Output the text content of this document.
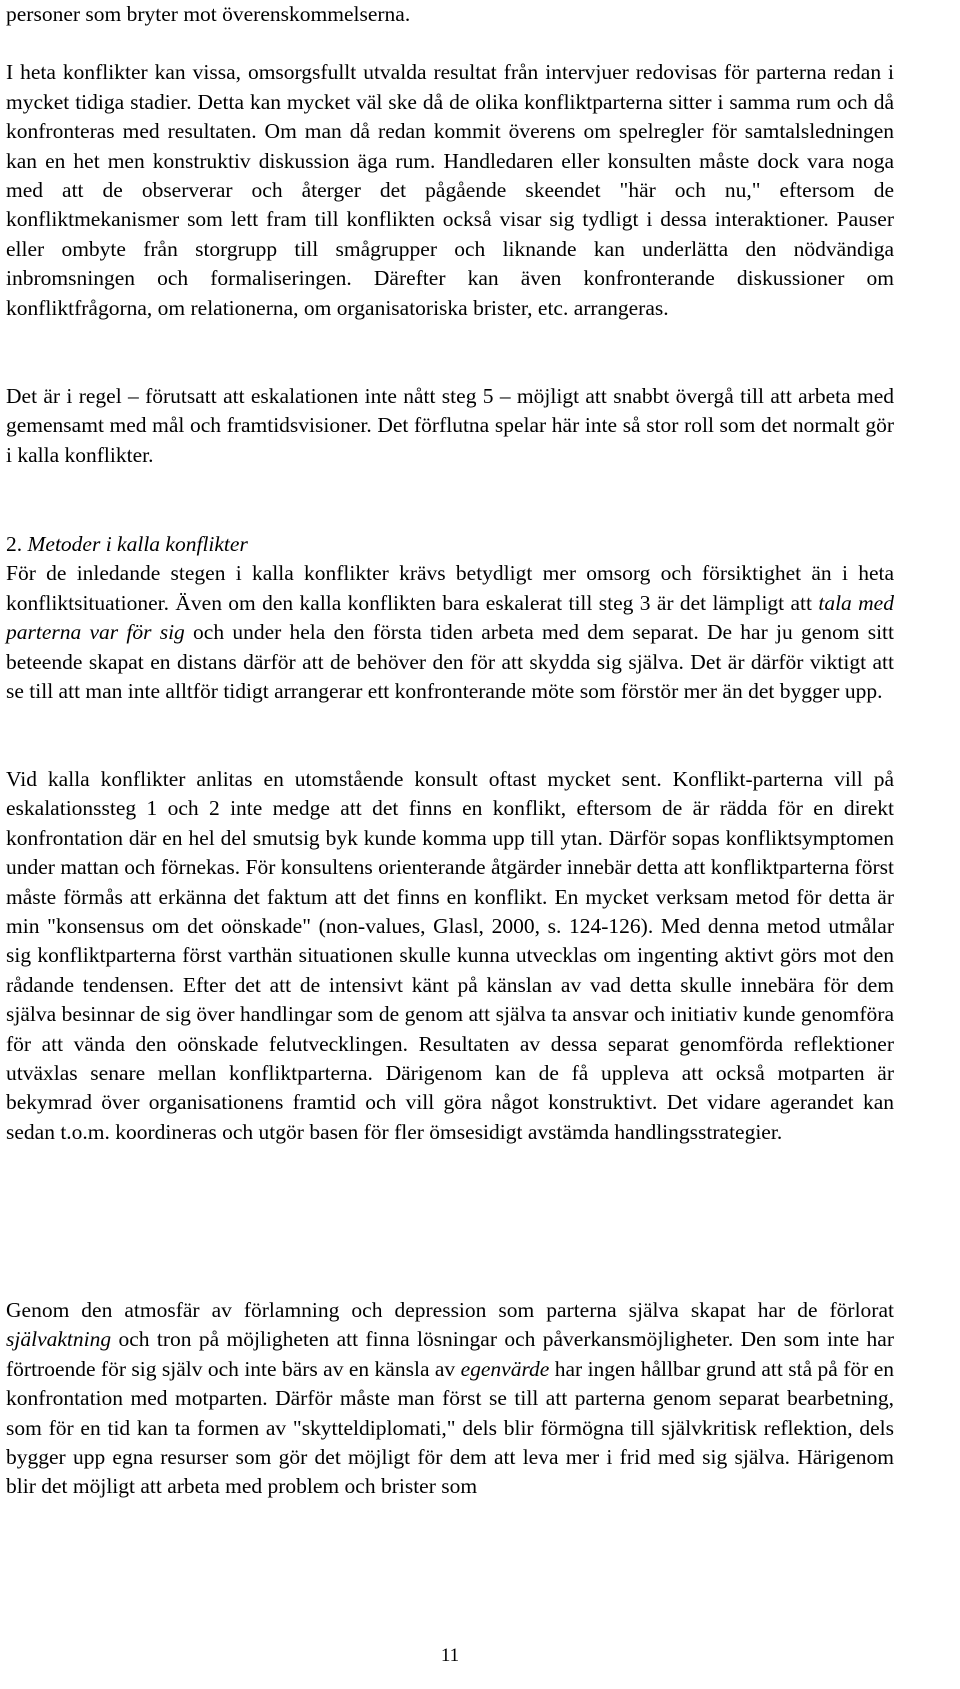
personer som bryter mot överenskommelserna.

I heta konflikter kan vissa, omsorgsfullt utvalda resultat från intervjuer redovisas för parterna redan i mycket tidiga stadier. Detta kan mycket väl ske då de olika konfliktparterna sitter i samma rum och då konfronteras med resultaten. Om man då redan kommit överens om spelregler för samtalsledningen kan en het men konstruktiv diskussion äga rum. Handledaren eller konsulten måste dock vara noga med att de observerar och återger det pågående skeendet "här och nu," eftersom de konfliktmekanismer som lett fram till konflikten också visar sig tydligt i dessa interaktioner. Pauser eller ombyte från storgrupp till smågrupper och liknande kan underlätta den nödvändiga inbromsningen och formaliseringen. Därefter kan även konfronterande diskussioner om konfliktfrågorna, om relationerna, om organisatoriska brister, etc. arrangeras.

Det är i regel – förutsatt att eskalationen inte nått steg 5 – möjligt att snabbt övergå till att arbeta med gemensamt med mål och framtidsvisioner. Det förflutna spelar här inte så stor roll som det normalt gör i kalla konflikter.

2. Metoder i kalla konflikter

För de inledande stegen i kalla konflikter krävs betydligt mer omsorg och försiktighet än i heta konfliktsituationer. Även om den kalla konflikten bara eskalerat till steg 3 är det lämpligt att tala med parterna var för sig och under hela den första tiden arbeta med dem separat. De har ju genom sitt beteende skapat en distans därför att de behöver den för att skydda sig själva. Det är därför viktigt att se till att man inte alltför tidigt arrangerar ett konfronterande möte som förstör mer än det bygger upp.

Vid kalla konflikter anlitas en utomstående konsult oftast mycket sent. Konflikt-parterna vill på eskalationssteg 1 och 2 inte medge att det finns en konflikt, eftersom de är rädda för en direkt konfrontation där en hel del smutsig byk kunde komma upp till ytan. Därför sopas konfliktsymptomen under mattan och förnekas. För konsultens orienterande åtgärder innebär detta att konfliktparterna först måste förmås att erkänna det faktum att det finns en konflikt. En mycket verksam metod för detta är min "konsensus om det oönskade" (non-values, Glasl, 2000, s. 124-126). Med denna metod utmålar sig konfliktparterna först varthän situationen skulle kunna utvecklas om ingenting aktivt görs mot den rådande tendensen. Efter det att de intensivt känt på känslan av vad detta skulle innebära för dem själva besinnar de sig över handlingar som de genom att själva ta ansvar och initiativ kunde genomföra för att vända den oönskade felutvecklingen. Resultaten av dessa separat genomförda reflektioner utväxlas senare mellan konfliktparterna. Därigenom kan de få uppleva att också motparten är bekymrad över organisationens framtid och vill göra något konstruktivt. Det vidare agerandet kan sedan t.o.m. koordineras och utgör basen för fler ömsesidigt avstämda handlingsstrategier.

Genom den atmosfär av förlamning och depression som parterna själva skapat har de förlorat självaktning och tron på möjligheten att finna lösningar och påverkansmöjligheter. Den som inte har förtroende för sig själv och inte bärs av en känsla av egenvärde har ingen hållbar grund att stå på för en konfrontation med motparten. Därför måste man först se till att parterna genom separat bearbetning, som för en tid kan ta formen av "skytteldiplomati," dels blir förmögna till självkritisk reflektion, dels bygger upp egna resurser som gör det möjligt för dem att leva mer i frid med sig själva. Härigenom blir det möjligt att arbeta med problem och brister som

11
